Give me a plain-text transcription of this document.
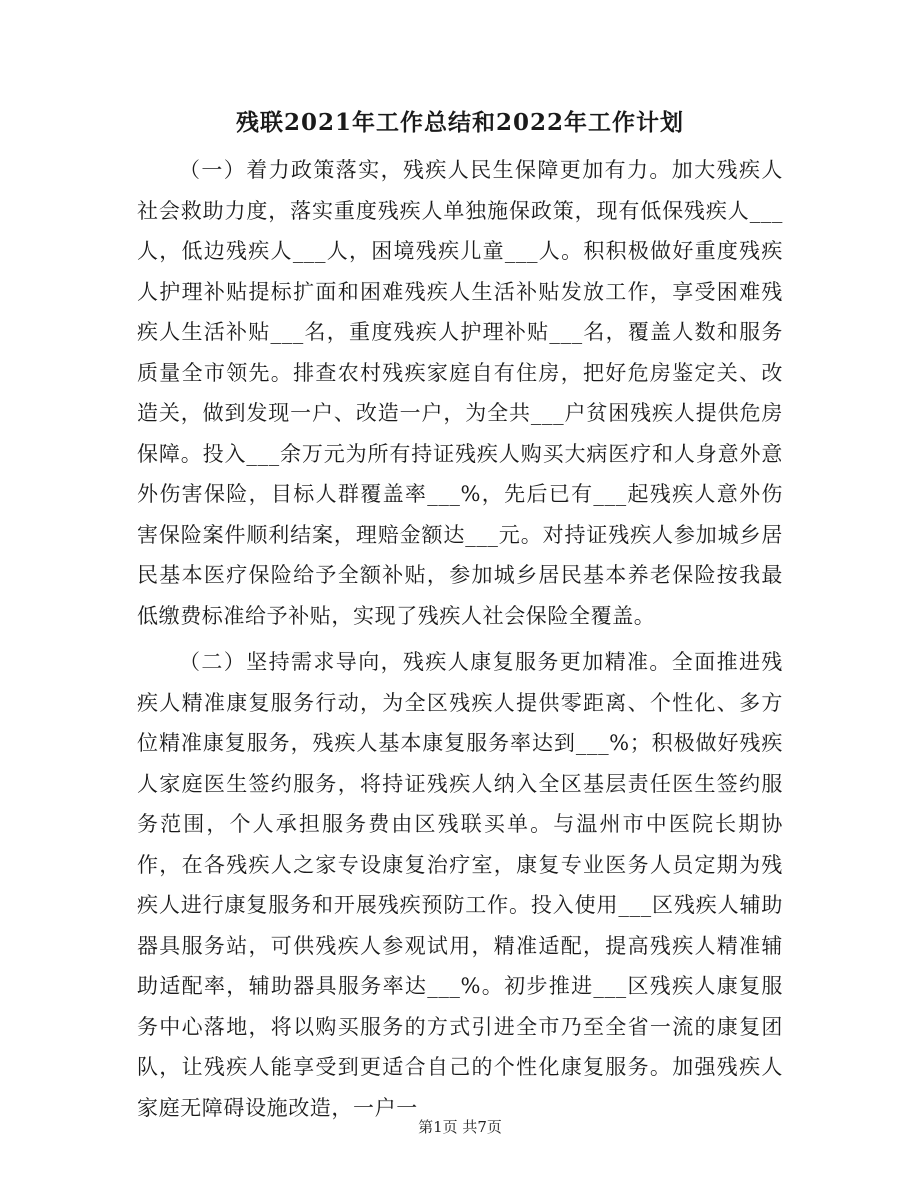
残联2021年工作总结和2022年工作计划

（一）着力政策落实，残疾人民生保障更加有力。加大残疾人社会救助力度，落实重度残疾人单独施保政策，现有低保残疾人___人，低边残疾人___人，困境残疾儿童___人。积积极做好重度残疾人护理补贴提标扩面和困难残疾人生活补贴发放工作，享受困难残疾人生活补贴___名，重度残疾人护理补贴___名，覆盖人数和服务质量全市领先。排查农村残疾家庭自有住房，把好危房鉴定关、改造关，做到发现一户、改造一户，为全共___户贫困残疾人提供危房保障。投入___余万元为所有持证残疾人购买大病医疗和人身意外意外伤害保险，目标人群覆盖率___%，先后已有___起残疾人意外伤害保险案件顺利结案，理赔金额达___元。对持证残疾人参加城乡居民基本医疗保险给予全额补贴，参加城乡居民基本养老保险按我最低缴费标准给予补贴，实现了残疾人社会保险全覆盖。

（二）坚持需求导向，残疾人康复服务更加精准。全面推进残疾人精准康复服务行动，为全区残疾人提供零距离、个性化、多方位精准康复服务，残疾人基本康复服务率达到___%；积极做好残疾人家庭医生签约服务，将持证残疾人纳入全区基层责任医生签约服务范围，个人承担服务费由区残联买单。与温州市中医院长期协作，在各残疾人之家专设康复治疗室，康复专业医务人员定期为残疾人进行康复服务和开展残疾预防工作。投入使用___区残疾人辅助器具服务站，可供残疾人参观试用，精准适配，提高残疾人精准辅助适配率，辅助器具服务率达___%。初步推进___区残疾人康复服务中心落地，将以购买服务的方式引进全市乃至全省一流的康复团队，让残疾人能享受到更适合自己的个性化康复服务。加强残疾人家庭无障碍设施改造，一户一

第1页 共7页
